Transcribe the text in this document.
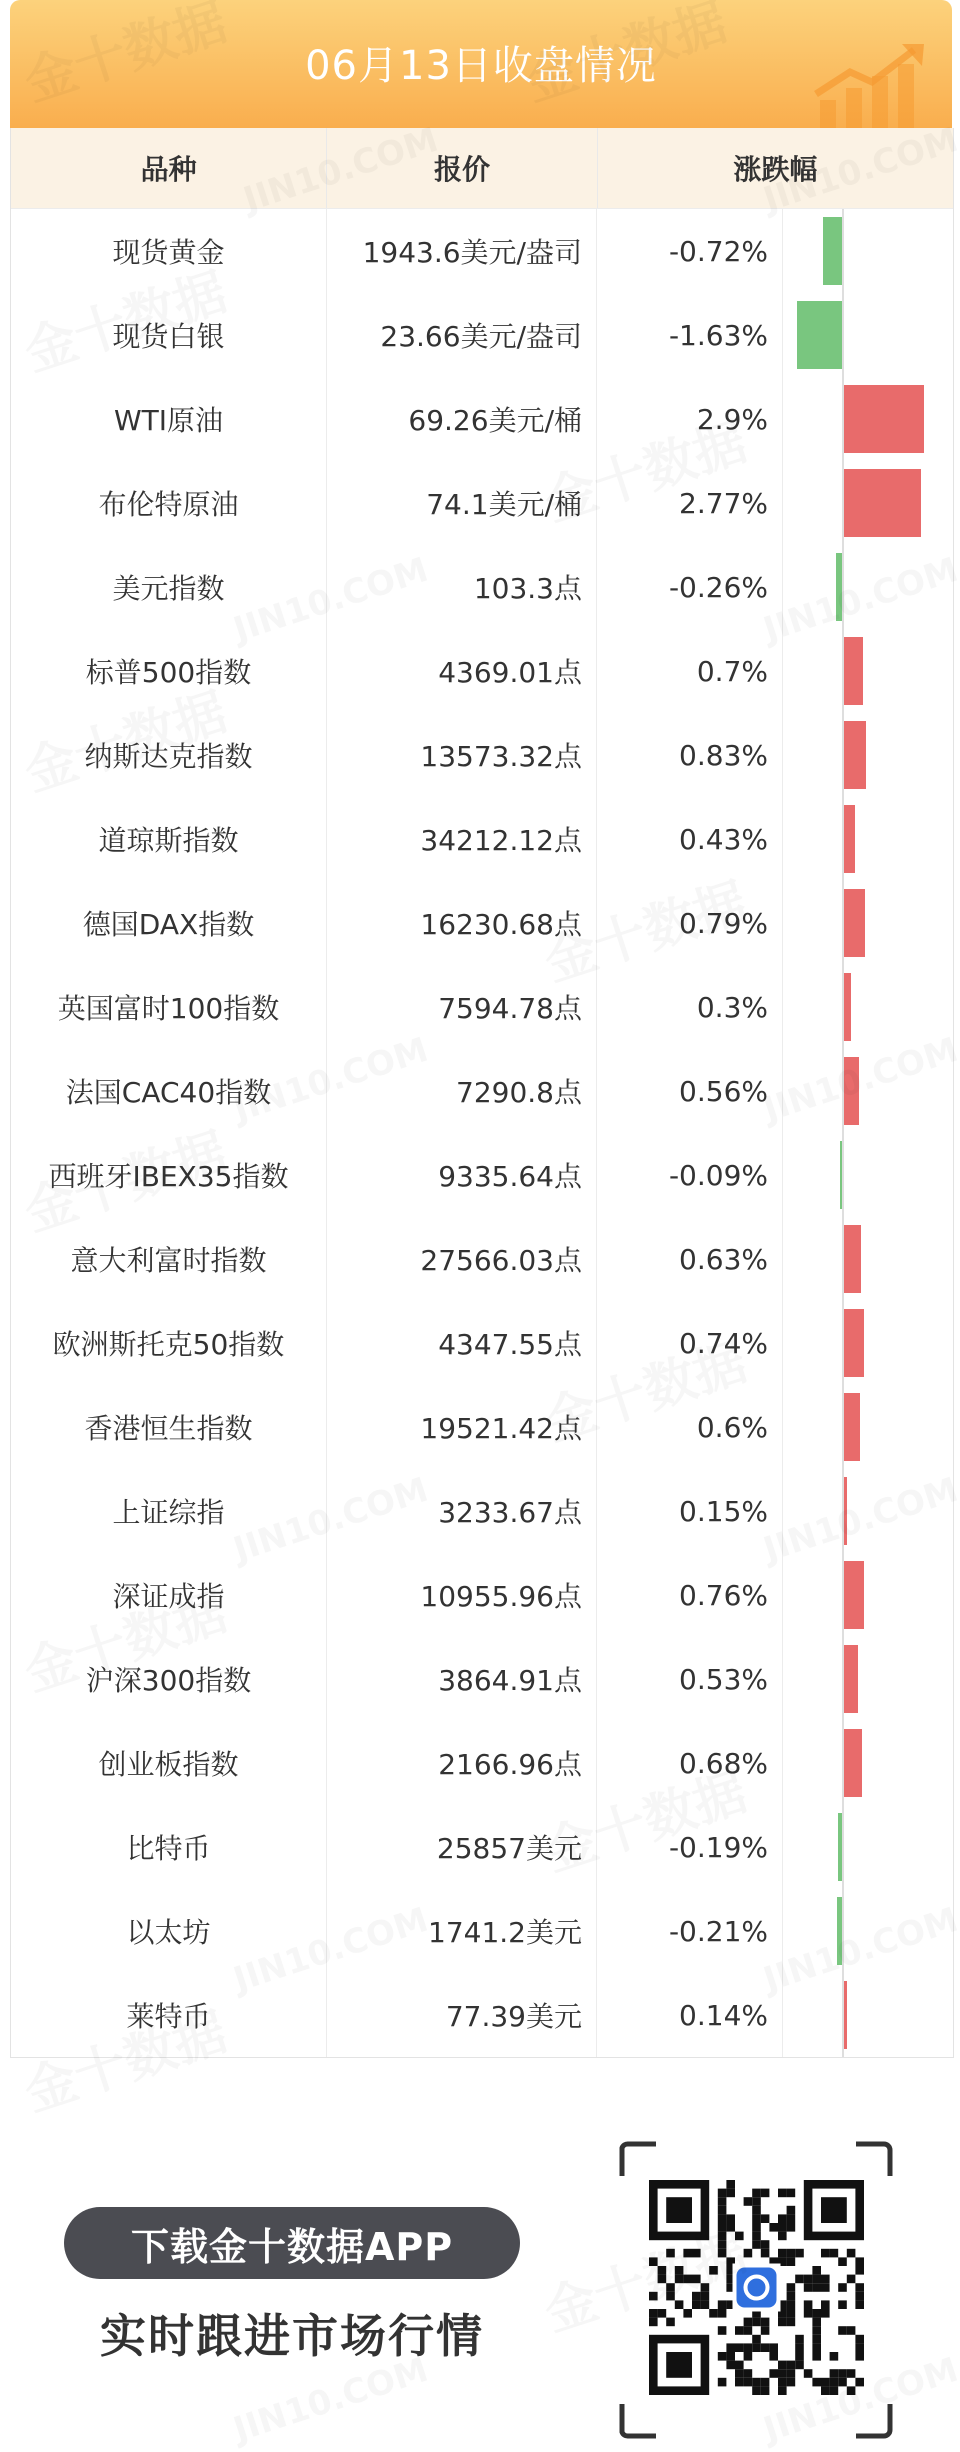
06月13日收盘情况
品种	报价	涨跌幅
现货黄金	1943.6美元/盎司	-0.72%
现货白银	23.66美元/盎司	-1.63%
WTI原油	69.26美元/桶	2.9%
布伦特原油	74.1美元/桶	2.77%
美元指数	103.3点	-0.26%
标普500指数	4369.01点	0.7%
纳斯达克指数	13573.32点	0.83%
道琼斯指数	34212.12点	0.43%
德国DAX指数	16230.68点	0.79%
英国富时100指数	7594.78点	0.3%
法国CAC40指数	7290.8点	0.56%
西班牙IBEX35指数	9335.64点	-0.09%
意大利富时指数	27566.03点	0.63%
欧洲斯托克50指数	4347.55点	0.74%
香港恒生指数	19521.42点	0.6%
上证综指	3233.67点	0.15%
深证成指	10955.96点	0.76%
沪深300指数	3864.91点	0.53%
创业板指数	2166.96点	0.68%
比特币	25857美元	-0.19%
以太坊	1741.2美元	-0.21%
莱特币	77.39美元	0.14%
下载金十数据APP
实时跟进市场行情
